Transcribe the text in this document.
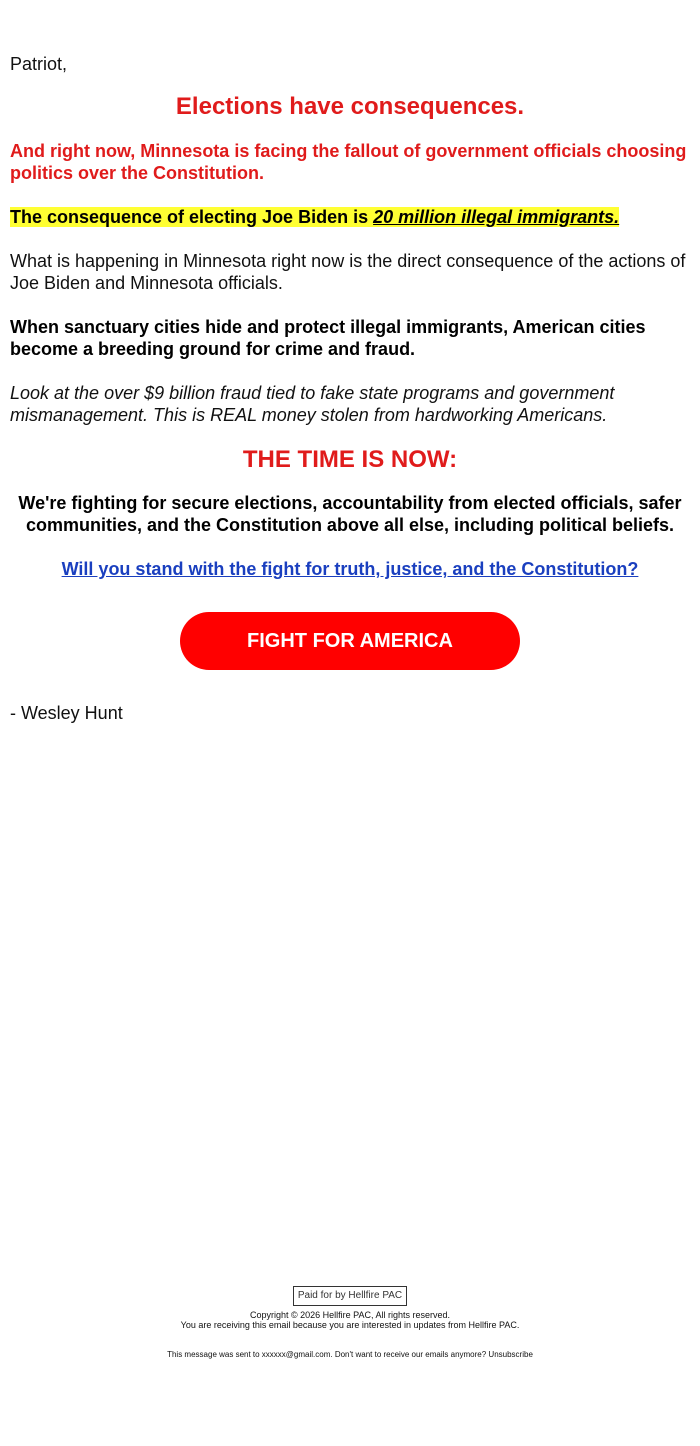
Patriot,
Elections have consequences.
And right now, Minnesota is facing the fallout of government officials choosing politics over the Constitution.
The consequence of electing Joe Biden is 20 million illegal immigrants.
What is happening in Minnesota right now is the direct consequence of the actions of Joe Biden and Minnesota officials.
When sanctuary cities hide and protect illegal immigrants, American cities become a breeding ground for crime and fraud.
Look at the over $9 billion fraud tied to fake state programs and government mismanagement. This is REAL money stolen from hardworking Americans.
THE TIME IS NOW:
We're fighting for secure elections, accountability from elected officials, safer communities, and the Constitution above all else, including political beliefs.
Will you stand with the fight for truth, justice, and the Constitution?
FIGHT FOR AMERICA
- Wesley Hunt
Paid for by Hellfire PAC
Copyright © 2026 Hellfire PAC, All rights reserved.
You are receiving this email because you are interested in updates from Hellfire PAC.
This message was sent to xxxxxx@gmail.com. Don't want to receive our emails anymore? Unsubscribe
